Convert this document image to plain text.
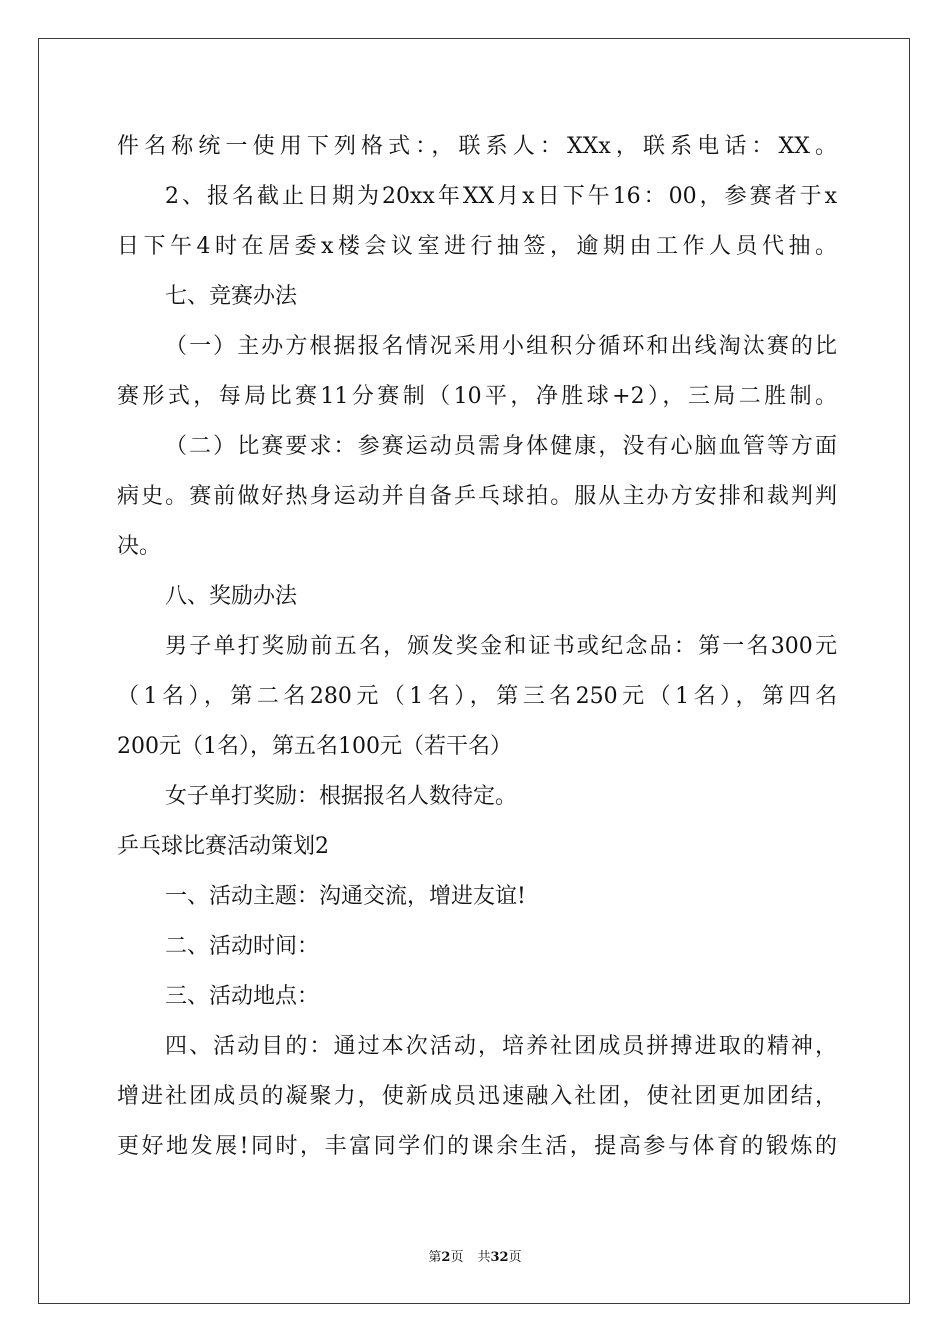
件名称统一使用下列格式：，联系人：XXx，联系电话：XX。
2、报名截止日期为20xx年XX月x日下午16：00，参赛者于x
日下午4时在居委x楼会议室进行抽签，逾期由工作人员代抽。
七、竞赛办法
（一）主办方根据报名情况采用小组积分循环和出线淘汰赛的比
赛形式，每局比赛11分赛制（10平，净胜球+2），三局二胜制。
（二）比赛要求：参赛运动员需身体健康，没有心脑血管等方面
病史。赛前做好热身运动并自备乒乓球拍。服从主办方安排和裁判判
决。
八、奖励办法
男子单打奖励前五名，颁发奖金和证书或纪念品：第一名300元
（1名），第二名280元（1名），第三名250元（1名），第四名
200元（1名），第五名100元（若干名）
女子单打奖励：根据报名人数待定。
乒乓球比赛活动策划2
一、活动主题：沟通交流，增进友谊!
二、活动时间：
三、活动地点：
四、活动目的：通过本次活动，培养社团成员拼搏进取的精神，
增进社团成员的凝聚力，使新成员迅速融入社团，使社团更加团结，
更好地发展!同时，丰富同学们的课余生活，提高参与体育的锻炼的
第2页 共32页
